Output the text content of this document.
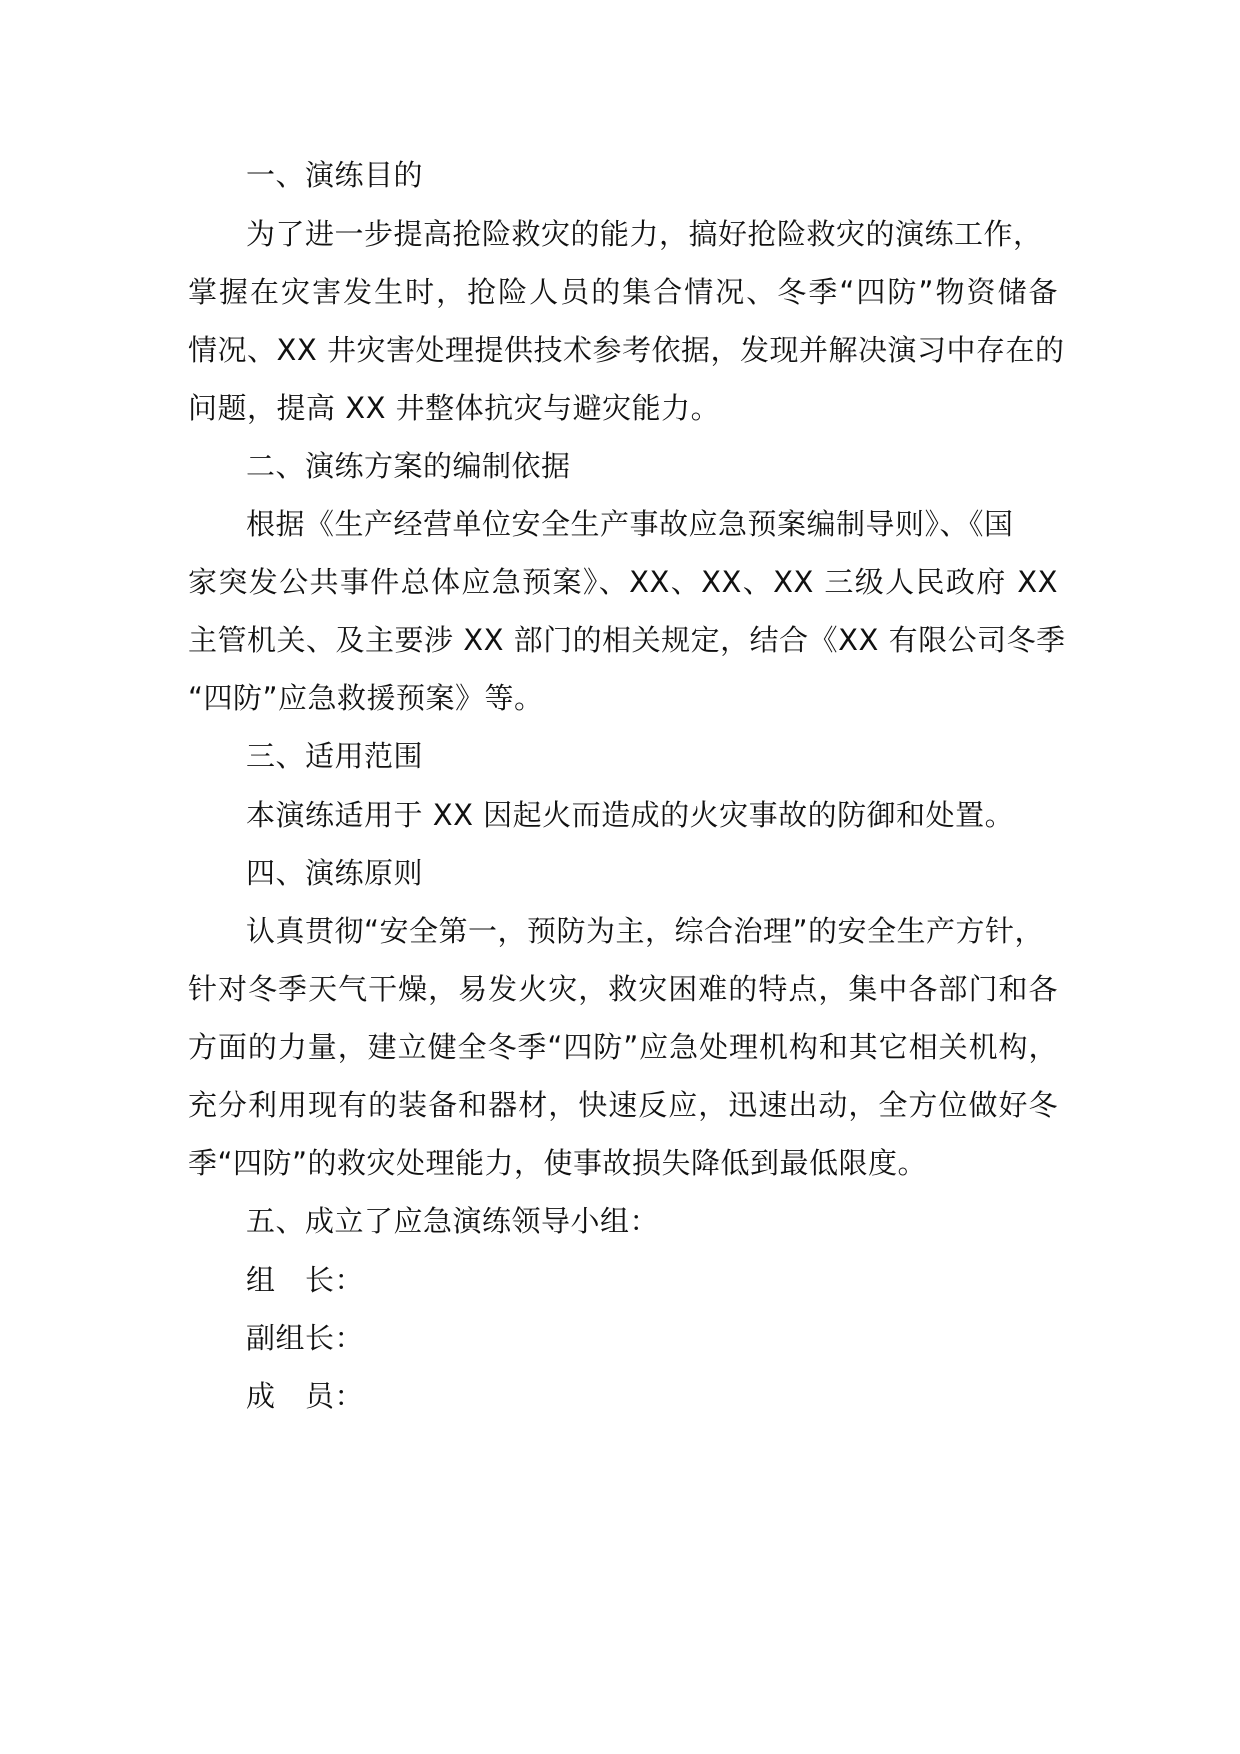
一、演练目的
为了进一步提高抢险救灾的能力，搞好抢险救灾的演练工作，
掌握在灾害发生时，抢险人员的集合情况、冬季“四防”物资储备
情况、XX 井灾害处理提供技术参考依据，发现并解决演习中存在的
问题，提高 XX 井整体抗灾与避灾能力。
二、演练方案的编制依据
根据《生产经营单位安全生产事故应急预案编制导则》、《国
家突发公共事件总体应急预案》、XX、XX、XX 三级人民政府 XX
主管机关、及主要涉 XX 部门的相关规定，结合《XX 有限公司冬季
“四防”应急救援预案》等。
三、适用范围
本演练适用于 XX 因起火而造成的火灾事故的防御和处置。
四、演练原则
认真贯彻“安全第一，预防为主，综合治理”的安全生产方针，
针对冬季天气干燥，易发火灾，救灾困难的特点，集中各部门和各
方面的力量，建立健全冬季“四防”应急处理机构和其它相关机构，
充分利用现有的装备和器材，快速反应，迅速出动，全方位做好冬
季“四防”的救灾处理能力，使事故损失降低到最低限度。
五、成立了应急演练领导小组：
组　长：
副组长：
成　员：
